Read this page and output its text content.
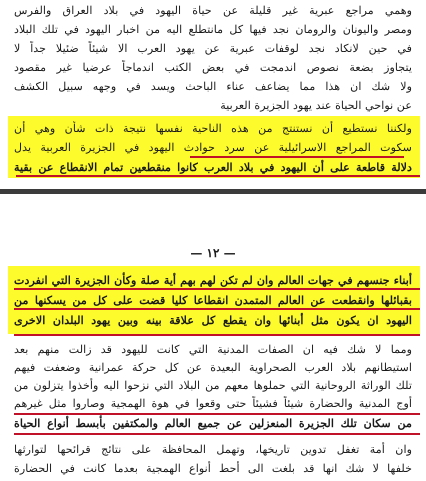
وهمي مراجع عبرية غير قليلة عن حياة اليهود في بلاد العراق والفرس
ومصر واليونان والرومان نجد فيها كل مانتطلع اليه من اخبار اليهود في تلك البلاد
في حين لانكاد نجد لوقفات عبرية عن يهود العرب الا شيئاً ضئيلا جداً لا
يتجاوز بضعة نصوص اندمجت في بعض الكتب اندماجاً عرضيا غير مقصود
ولا شك ان هذا مما يضاعف عناء الباحث ويسد في وجهه سبيل الكشف
عن نواحي الحياة عند يهود الجزيرة العربية
ولكننا نستطيع أن نستنتج من هذه الناحية نفسها نتيجة ذات شأن وهي أن
سكوت المراجع الاسرائيلية عن سرد حوادث اليهود في الجزيرة العربية يدل
دلالة قاطعة على أن اليهود في بلاد العرب كانوا منقطعين تمام الانقطاع عن بقية
— ١٢ —
أبناء جنسهم في جهات العالم وان لم تكن لهم بهم أية صلة وكأن الجزيرة التي انفردت
بقبائلها وانقطعت عن العالم المتمدن انقطاعا كليا قضت على كل من يسكنها من
اليهود ان يكون مثل أبنائها وان يقطع كل علاقة بينه وبين يهود البلدان الاخرى
ومما لا شك فيه ان الصفات المدنية التي كانت لليهود قد زالت منهم بعد
استيطانهم بلاد العرب الصحراوية البعيدة عن كل حركة عمرانية وضعفت فيهم
تلك الوراثة الروحانية التي حملوها معهم من البلاد التي نزحوا اليه وأخذوا يتزلون من
أوج المدنية والحضارة شيئاً فشيئاً حتى وقعوا في هوة الهمجية وصاروا مثل غيرهم
من سكان تلك الجزيرة المنعزلين عن جميع العالم والمكتفين بأبسط أنواع الحياة
وان أمة تغفل تدوين تاريخها، وتهمل المحافظة على نتائج قرائحها لتوارثها
خلفها لا شك انها قد بلغت الى أحط أنواع الهمجية بعدما كانت في الحضارة
